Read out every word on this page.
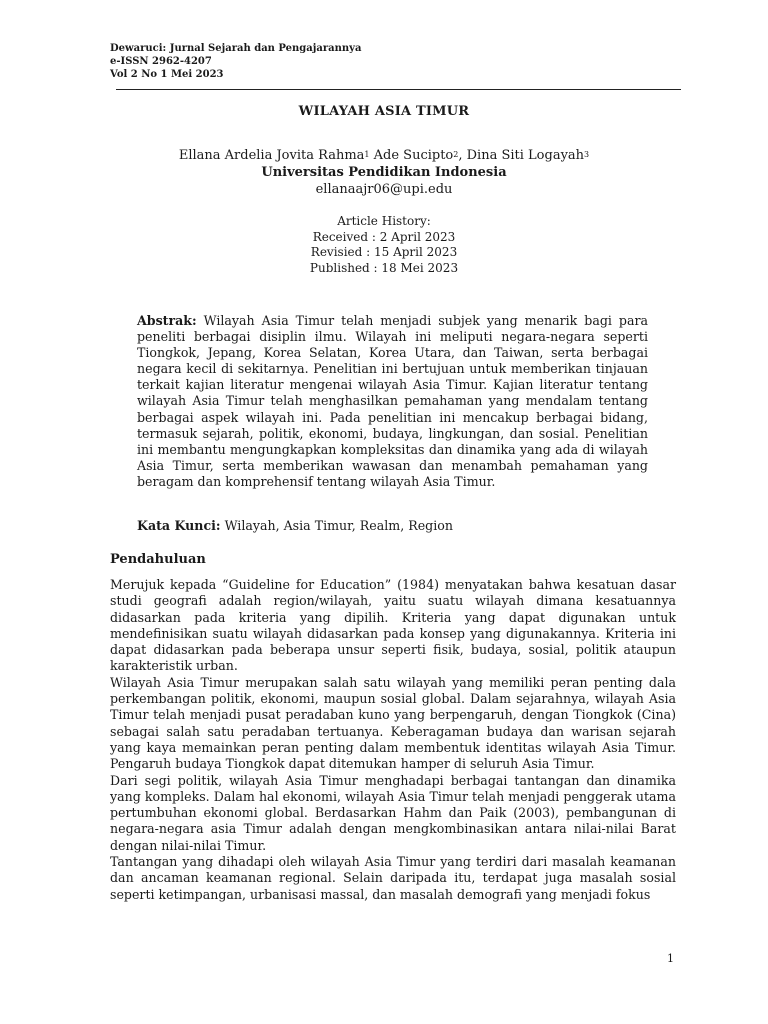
Dewaruci: Jurnal Sejarah dan Pengajarannya
e-ISSN 2962-4207
Vol 2 No 1 Mei 2023
WILAYAH ASIA TIMUR
Ellana Ardelia Jovita Rahma$^1$ Ade Sucipto$^2$, Dina Siti Logayah$^3$
Universitas Pendidikan Indonesia
ellanaajr06@upi.edu
Article History:
Received : 2 April 2023
Revisied : 15 April 2023
Published : 18 Mei 2023
Abstrak: Wilayah Asia Timur telah menjadi subjek yang menarik bagi para peneliti berbagai disiplin ilmu. Wilayah ini meliputi negara-negara seperti Tiongkok, Jepang, Korea Selatan, Korea Utara, dan Taiwan, serta berbagai negara kecil di sekitarnya. Penelitian ini bertujuan untuk memberikan tinjauan terkait kajian literatur mengenai wilayah Asia Timur. Kajian literatur tentang wilayah Asia Timur telah menghasilkan pemahaman yang mendalam tentang berbagai aspek wilayah ini. Pada penelitian ini mencakup berbagai bidang, termasuk sejarah, politik, ekonomi, budaya, lingkungan, dan sosial. Penelitian ini membantu mengungkapkan kompleksitas dan dinamika yang ada di wilayah Asia Timur, serta memberikan wawasan dan menambah pemahaman yang beragam dan komprehensif tentang wilayah Asia Timur.
Kata Kunci: Wilayah, Asia Timur, Realm, Region
Pendahuluan

Merujuk kepada “Guideline for Education” (1984) menyatakan bahwa kesatuan dasar studi geografi adalah region/wilayah, yaitu suatu wilayah dimana kesatuannya didasarkan pada kriteria yang dipilih. Kriteria yang dapat digunakan untuk mendefinisikan suatu wilayah didasarkan pada konsep yang digunakannya. Kriteria ini dapat didasarkan pada beberapa unsur seperti fisik, budaya, sosial, politik ataupun karakteristik urban.

Wilayah Asia Timur merupakan salah satu wilayah yang memiliki peran penting dala perkembangan politik, ekonomi, maupun sosial global. Dalam sejarahnya, wilayah Asia Timur telah menjadi pusat peradaban kuno yang berpengaruh, dengan Tiongkok (Cina) sebagai salah satu peradaban tertuanya. Keberagaman budaya dan warisan sejarah yang kaya memainkan peran penting dalam membentuk identitas wilayah Asia Timur. Pengaruh budaya Tiongkok dapat ditemukan hamper di seluruh Asia Timur.

Dari segi politik, wilayah Asia Timur menghadapi berbagai tantangan dan dinamika yang kompleks. Dalam hal ekonomi, wilayah Asia Timur telah menjadi penggerak utama pertumbuhan ekonomi global. Berdasarkan Hahm dan Paik (2003), pembangunan di negara-negara asia Timur adalah dengan mengkombinasikan antara nilai-nilai Barat dengan nilai-nilai Timur.

Tantangan yang dihadapi oleh wilayah Asia Timur yang terdiri dari masalah keamanan dan ancaman keamanan regional. Selain daripada itu, terdapat juga masalah sosial seperti ketimpangan, urbanisasi massal, dan masalah demografi yang menjadi fokus

1
